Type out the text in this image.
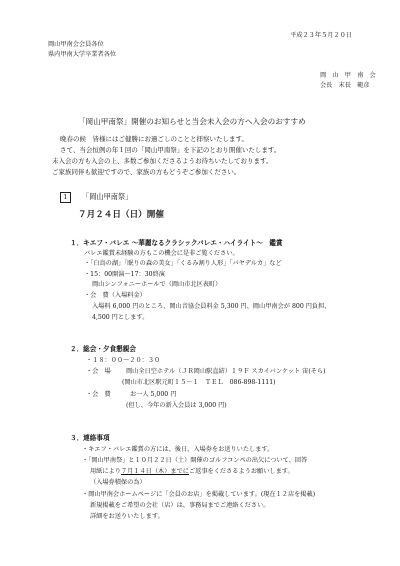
平成２３年５月２０日
岡山甲南会会員各位
県内甲南大学卒業者各位
岡　山　甲　南　会
会長　末長　範彦
「岡山甲南祭」開催のお知らせと当会未入会の方へ入会のおすすめ
晩春の候　皆様にはご健勝にお過ごしのことと拝察いたします。
さて、当会恒例の年１回の「岡山甲南祭」を下記のとおり開催いたします。
未入会の方も入会の上、多数ご参加くださるようお待ちいたしております。
ご家族同伴も歓迎ですので、家族の方もどうぞご参加ください。
1	「岡山甲南祭」
７月２４日（日）開催
１．キエフ・バレエ 〜華麗なるクラシックバレエ・ハイライト〜　鑑賞
バレエ鑑賞未経験の方もこの機会に是非ご覧ください。
・「白鳥の湖」「眠りの森の美女」「くるみ割り人形」「パヤデルカ」など
・15：00開演〜17：30終演
岡山シンフォニーホールで（岡山市北区表町）
・会　費（入場料金）
入場料 6,000 円のところ、岡山音協会員料金 5,300 円、岡山甲南会が 800 円負担、
4,500 円とします。
２．総会・夕食懇親会
・１８：００〜２０：３０
・会　場 岡山全日空ホテル（ＪＲ岡山駅直結）１９Ｆ スカイバンケット 宙(そら)
(岡山市北区駅元町１５－１　ＴＥＬ　086-898-1111)
・会　費	お一人 5,000 円
(但し、今年の新入会員は 3,000 円)
３．連絡事項
・キエフ・バレエ鑑賞の方には、後日、入場券をお送りいたします。
・「岡山甲南祭」と１０月２２日（土）開催のゴルフコンペの出欠について、回答
用紙により７月１４日（木）までにご返事をくださるようお願いします。
（入場券積保の為）
・岡山甲南会ホームページに「会員のお店」を掲載しています。(現在１２店を掲載)
新規掲載をご希望の会社（店）は、事務局までご連絡ください。
詳細をお送りいたします。
